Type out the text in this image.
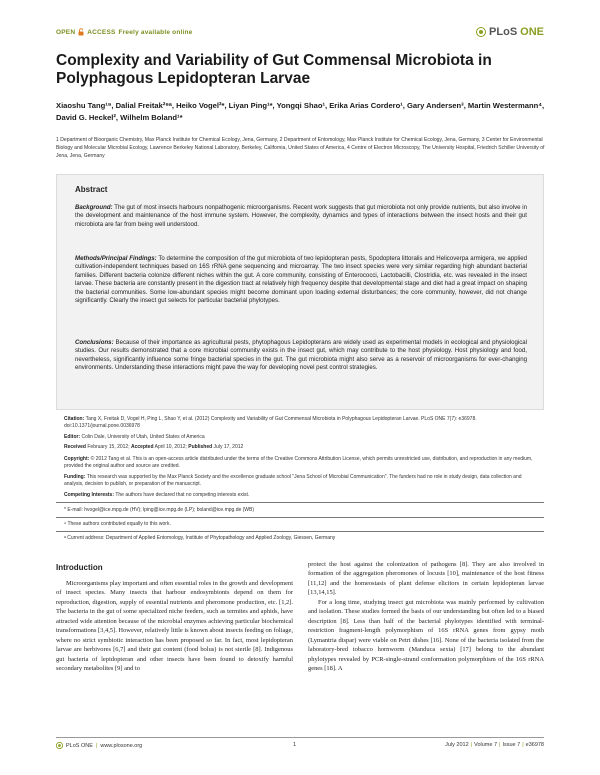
OPEN ACCESS Freely available online	PL oS ONE
Complexity and Variability of Gut Commensal Microbiota in Polyphagous Lepidopteran Larvae
Xiaoshu Tang¹⁹, Dalial Freitak²⁹ᵃ, Heiko Vogel²*, Liyan Ping¹*, Yongqi Shao¹, Erika Arias Cordero¹, Gary Andersen³, Martin Westermann⁴, David G. Heckel², Wilhelm Boland¹*
1 Department of Bioorganic Chemistry, Max Planck Institute for Chemical Ecology, Jena, Germany, 2 Department of Entomology, Max Planck Institute for Chemical Ecology, Jena, Germany, 3 Center for Environmental Biology and Molecular Microbial Ecology, Lawrence Berkeley National Laboratory, Berkeley, California, United States of America, 4 Centre of Electron Microscopy, The University Hospital, Friedrich Schiller University of Jena, Jena, Germany
Abstract
Background: The gut of most insects harbours nonpathogenic microorganisms. Recent work suggests that gut microbiota not only provide nutrients, but also involve in the development and maintenance of the host immune system. However, the complexity, dynamics and types of interactions between the insect hosts and their gut microbiota are far from being well understood.
Methods/Principal Findings: To determine the composition of the gut microbiota of two lepidopteran pests, Spodoptera littoralis and Helicoverpa armigera, we applied cultivation-independent techniques based on 16S rRNA gene sequencing and microarray. The two insect species were very similar regarding high abundant bacterial families. Different bacteria colonize different niches within the gut. A core community, consisting of Enterococci, Lactobacilli, Clostridia, etc. was revealed in the insect larvae. These bacteria are constantly present in the digestion tract at relatively high frequency despite that developmental stage and diet had a great impact on shaping the bacterial communities. Some low-abundant species might become dominant upon loading external disturbances; the core community, however, did not change significantly. Clearly the insect gut selects for particular bacterial phylotypes.
Conclusions: Because of their importance as agricultural pests, phytophagous Lepidopterans are widely used as experimental models in ecological and physiological studies. Our results demonstrated that a core microbial community exists in the insect gut, which may contribute to the host physiology. Host physiology and food, nevertheless, significantly influence some fringe bacterial species in the gut. The gut microbiota might also serve as a reservoir of microorganisms for ever-changing environments. Understanding these interactions might pave the way for developing novel pest control strategies.
Citation: Tang X, Freitak D, Vogel H, Ping L, Shao Y, et al. (2012) Complexity and Variability of Gut Commensal Microbiota in Polyphagous Lepidopteran Larvae. PLoS ONE 7(7): e36978. doi:10.1371/journal.pone.0036978
Editor: Colin Dale, University of Utah, United States of America
Received February 15, 2012; Accepted April 10, 2012; Published July 17, 2012
Copyright: © 2012 Tang et al. This is an open-access article distributed under the terms of the Creative Commons Attribution License, which permits unrestricted use, distribution, and reproduction in any medium, provided the original author and source are credited.
Funding: This research was supported by the Max Planck Society and the excellence graduate school "Jena School of Microbial Communication". The funders had no role in study design, data collection and analysis, decision to publish, or preparation of the manuscript.
Competing Interests: The authors have declared that no competing interests exist.
* E-mail: hvogel@ice.mpg.de (HV); lping@ice.mpg.de (LP); boland@ice.mpg.de (WB)
⁹ These authors contributed equally to this work.
ᵃ Current address: Department of Applied Entomology, Institute of Phytopathology and Applied Zoology, Giessen, Germany
Introduction

Microorganisms play important and often essential roles in the growth and development of insect species. Many insects that harbour endosymbionts depend on them for reproduction, digestion, supply of essential nutrients and pheromone production, etc. [1,2]. The bacteria in the gut of some specialized niche feeders, such as termites and aphids, have attracted wide attention because of the microbial enzymes achieving particular biochemical transformations [3,4,5]. However, relatively little is known about insects feeding on foliage, where no strict symbiotic interaction has been proposed so far. In fact, most lepidopteran larvae are herbivores [6,7] and their gut content (food bolus) is not sterile [8]. Indigenous gut bacteria of lepidopteran and other insects have been found to detoxify harmful secondary metabolites [9] and to

protect the host against the colonization of pathogens [8]. They are also involved in formation of the aggregation pheromones of locusts [10], maintenance of the host fitness [11,12] and the homeostasis of plant defense elicitors in certain lepidopteran larvae [13,14,15].

For a long time, studying insect gut microbiota was mainly performed by cultivation and isolation. These studies formed the basis of our understanding but often led to a biased description [8]. Less than half of the bacterial phylotypes identified with terminal-restriction fragment-length polymorphism of 16S rRNA genes from gypsy moth (Lymantria dispar) were viable on Petri dishes [16]. None of the bacteria isolated from the laboratory-bred tobacco hornworm (Manduca sexta) [17] belong to the abundant phylotypes revealed by PCR-single-strand conformation polymorphism of the 16S rRNA genes [18]. A

PLoS ONE | www.plosone.org	1	July 2012 | Volume 7 | Issue 7 | e36978
